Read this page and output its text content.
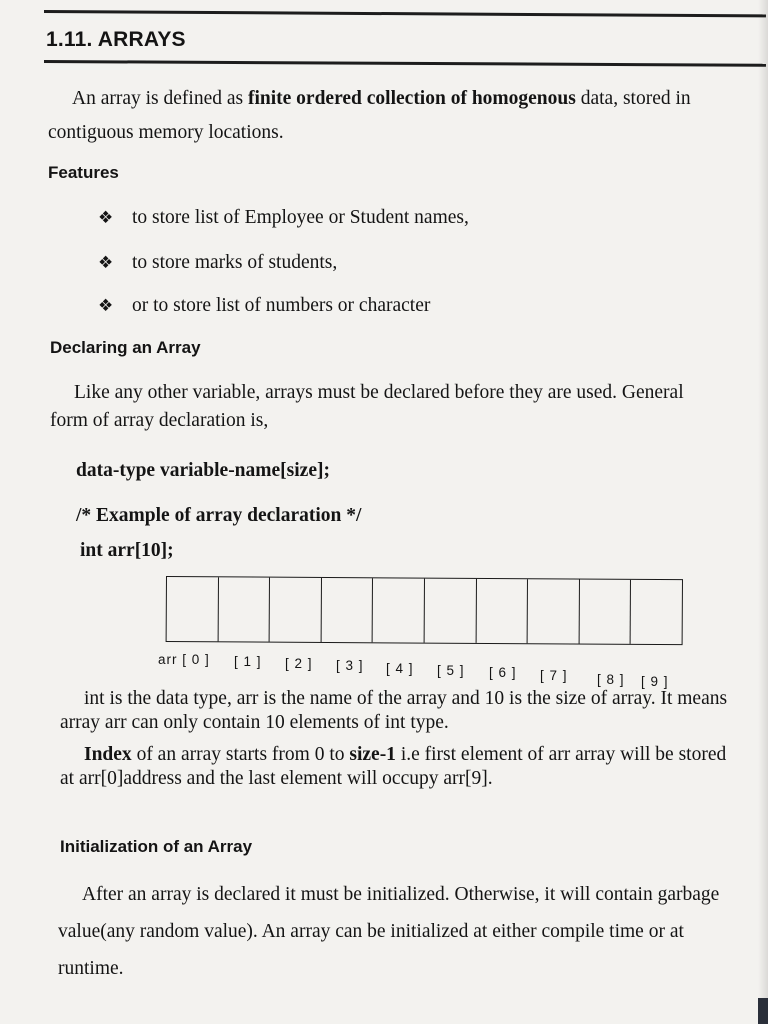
1.11. ARRAYS
An array is defined as finite ordered collection of homogenous data, stored in
contiguous memory locations.
Features
❖ to store list of Employee or Student names,
❖ to store marks of students,
❖ or to store list of numbers or character
Declaring an Array
Like any other variable, arrays must be declared before they are used. General
form of array declaration is,
data-type variable-name[size];
/* Example of array declaration */
int arr[10];
arr [ 0 ] [ 1 ] [ 2 ] [ 3 ] [ 4 ] [ 5 ] [ 6 ] [ 7 ] [ 8 ] [ 9 ]
int is the data type, arr is the name of the array and 10 is the size of array. It means
array arr can only contain 10 elements of int type.
Index of an array starts from 0 to size-1 i.e first element of arr array will be stored
at arr[0]address and the last element will occupy arr[9].
Initialization of an Array
After an array is declared it must be initialized. Otherwise, it will contain garbage
value(any random value). An array can be initialized at either compile time or at
runtime.
